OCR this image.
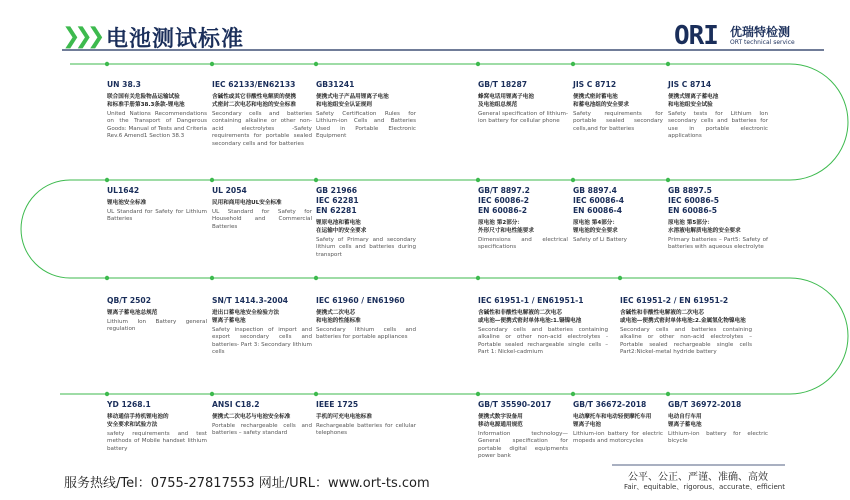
❯❯❯ 电池测试标准	ORI 优瑞特检测
ORT technical service
UN 38.3
联合国有关危险物品运输试验
和标准手册第38.3条款-锂电池
United Nations Recommendations on the Transport of Dangerous Goods: Manual of Tests and Criteria Rev.6 Amend1 Section 38.3
IEC 62133/EN62133
含碱性或其它非酸性电解质的便携
式密封二次电芯和电池的安全标准
Secondary cells and batteries containing alkaline or other non-acid electrolytes -Safety requirements for portable sealed secondary cells and for batteries
GB31241
便携式电子产品用锂离子电池
和电池组安全认证规则
Safety Certification Rules for Lithium-ion Cells and Batteries Used in Portable Electronic Equipment
GB/T 18287
蜂窝电话用锂离子电池
及电池组总规范
General specification of lithium-ion battery for cellular phone
JIS C 8712
便携式密封蓄电池
和蓄电池组的安全要求
Safety requirements for portable sealed secondary cells,and for batteries
JIS C 8714
便携式锂离子蓄电池
和电池组安全试验
Safety tests for Lithium Ion secondary cells and batteries for use in portable electronic applications
UL1642
锂电池安全标准
UL Standard for Safety for Lithium Batteries
UL 2054
民用和商用电池UL安全标准
UL Standard for Safety for Household and Commercial Batteries
GB 21966
IEC 62281
EN 62281
锂原电池和蓄电池
在运输中的安全要求
Safety of Primary and secondary lithium cells and batteries during transport
GB/T 8897.2
IEC 60086-2
EN 60086-2
原电池 第2部分：
外形尺寸和电性能要求
Dimensions and electrical specifications
GB 8897.4
IEC 60086-4
EN 60086-4
原电池 第4部分：
锂电池的安全要求
Safety of Li Battery
GB 8897.5
IEC 60086-5
EN 60086-5
原电池 第5部分：
水溶液电解质电池的安全要求
Primary batteries – Part5: Safety of batteries with aqueous electrolyte
QB/T 2502
锂离子蓄电池总规范
Lithium Ion Battery general regulation
SN/T 1414.3-2004
进出口蓄电池安全检验方法
锂离子蓄电池
Safety inspection of import and export secondary cells and batteries- Part 3: Secondary lithium cells
IEC 61960 / EN61960
便携式二次电芯
和电池的性能标准
Secondary lithium cells and batteries for portable appliances
IEC 61951-1 / EN61951-1
含碱性和非酸性电解液的二次电芯
或电池—便携式密封单体电池:1.镉镍电池
Secondary cells and batteries containing alkaline or other non-acid electrolytes - Portable sealed rechargeable single cells – Part 1: Nickel-cadmium
IEC 61951-2 / EN 61951-2
含碱性和非酸性电解液的二次电芯
或电池—便携式密封单体电池:2.金属氢化物镍电池
Secondary cells and batteries containing alkaline or other non-acid electrolytes – Portable sealed rechargeable single cells Part2:Nickel-metal hydride battery
YD 1268.1
移动通信手持机锂电池的
安全要求和试验方法
safety requirements and test methods of Mobile handset lithium battery
ANSI C18.2
便携式二次电芯与电池安全标准
Portable rechargeable cells and batteries – safety standard
IEEE 1725
手机的可充电电池标准
Rechargeable batteries for cellular telephones
GB/T 35590-2017
便携式数字设备用
移动电源通用规范
Information technology—General specification for portable digital equipments power bank
GB/T 36672-2018
电动摩托车和电动轻便摩托车用
锂离子电池
Lithium-ion battery for electric mopeds and motorcycles
GB/T 36972-2018
电动自行车用
锂离子蓄电池
Lithium-ion battery for electric bicycle
服务热线/Tel：0755-27817553 网址/URL：www.ort-ts.com	公平、公正、严谨、准确、高效
Fair、equitable、rigorous、accurate、efficient
